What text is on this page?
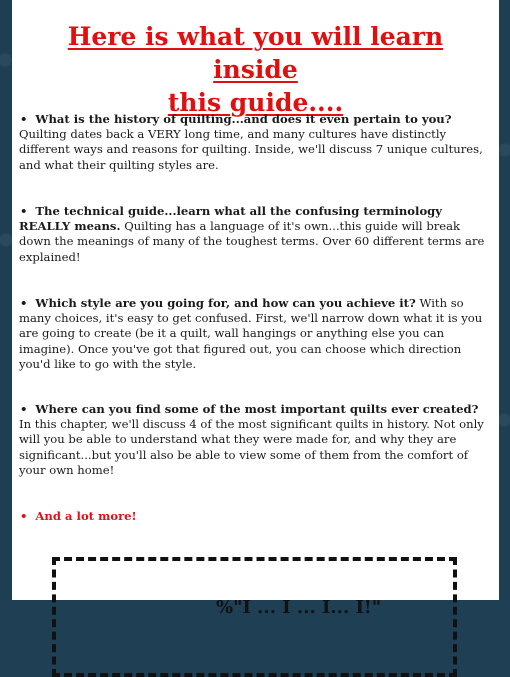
Here is what you will learn inside
this guide....
• What is the history of quilting...and does it even pertain to you?
Quilting dates back a VERY long time, and many cultures have distinctly different ways and reasons for quilting. Inside, we'll discuss 7 unique cultures, and what their quilting styles are.
• The technical guide...learn what all the confusing terminology REALLY means. Quilting has a language of it's own...this guide will break down the meanings of many of the toughest terms. Over 60 different terms are explained!
• Which style are you going for, and how can you achieve it? With so many choices, it's easy to get confused. First, we'll narrow down what it is you are going to create (be it a quilt, wall hangings or anything else you can imagine). Once you've got that figured out, you can choose which direction you'd like to go with the style.
• Where can you find some of the most important quilts ever created?
In this chapter, we'll discuss 4 of the most significant quilts in history. Not only will you be able to understand what they were made for, and why they are significant...but you'll also be able to view some of them from the comfort of your own home!
• And a lot more!
%"I ... I ... I... I!"
